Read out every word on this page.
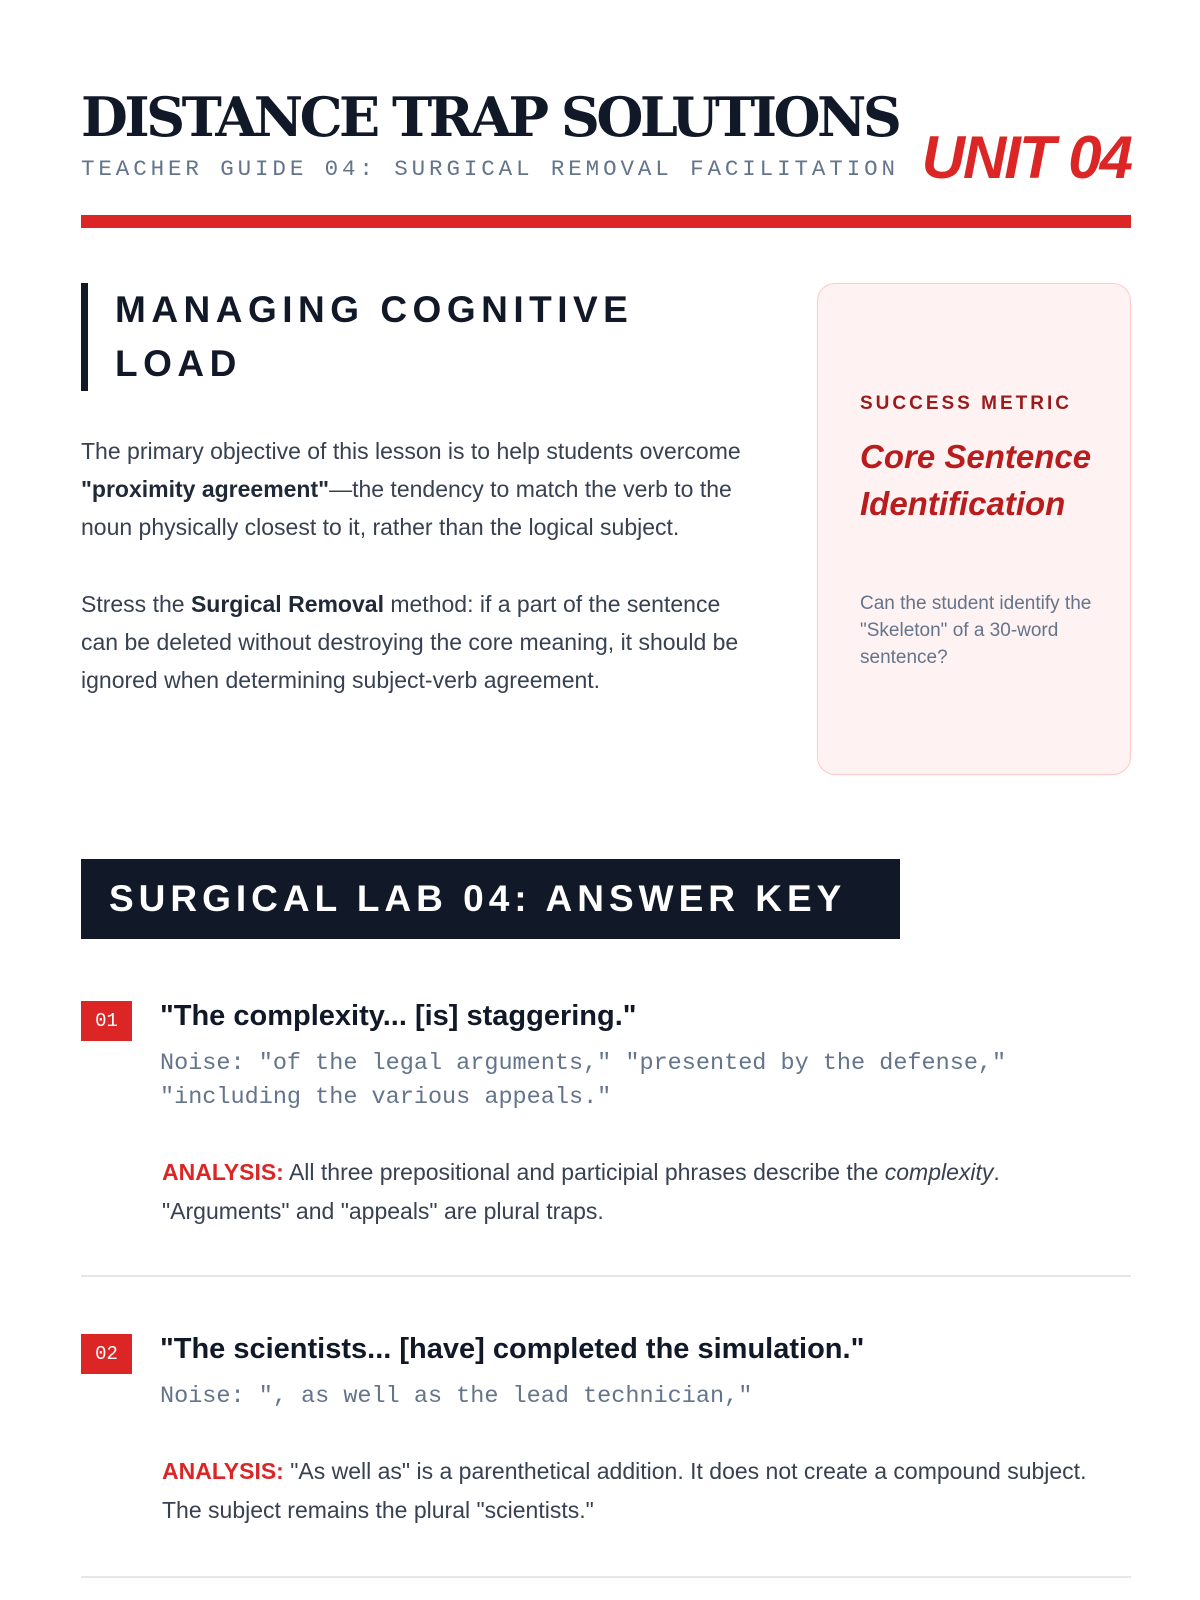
DISTANCE TRAP SOLUTIONS
TEACHER GUIDE 04: SURGICAL REMOVAL FACILITATION UNIT 04
MANAGING COGNITIVE LOAD

The primary objective of this lesson is to help students overcome "proximity agreement"—the tendency to match the verb to the noun physically closest to it, rather than the logical subject.

Stress the Surgical Removal method: if a part of the sentence can be deleted without destroying the core meaning, it should be ignored when determining subject-verb agreement.

SUCCESS METRIC
Core Sentence Identification
Can the student identify the "Skeleton" of a 30-word sentence?
SURGICAL LAB 04: ANSWER KEY
01	"The complexity... [is] staggering."
Noise: "of the legal arguments," "presented by the defense," "including the various appeals."
ANALYSIS: All three prepositional and participial phrases describe the complexity. "Arguments" and "appeals" are plural traps.
02	"The scientists... [have] completed the simulation."
Noise: ", as well as the lead technician,"
ANALYSIS: "As well as" is a parenthetical addition. It does not create a compound subject. The subject remains the plural "scientists."
